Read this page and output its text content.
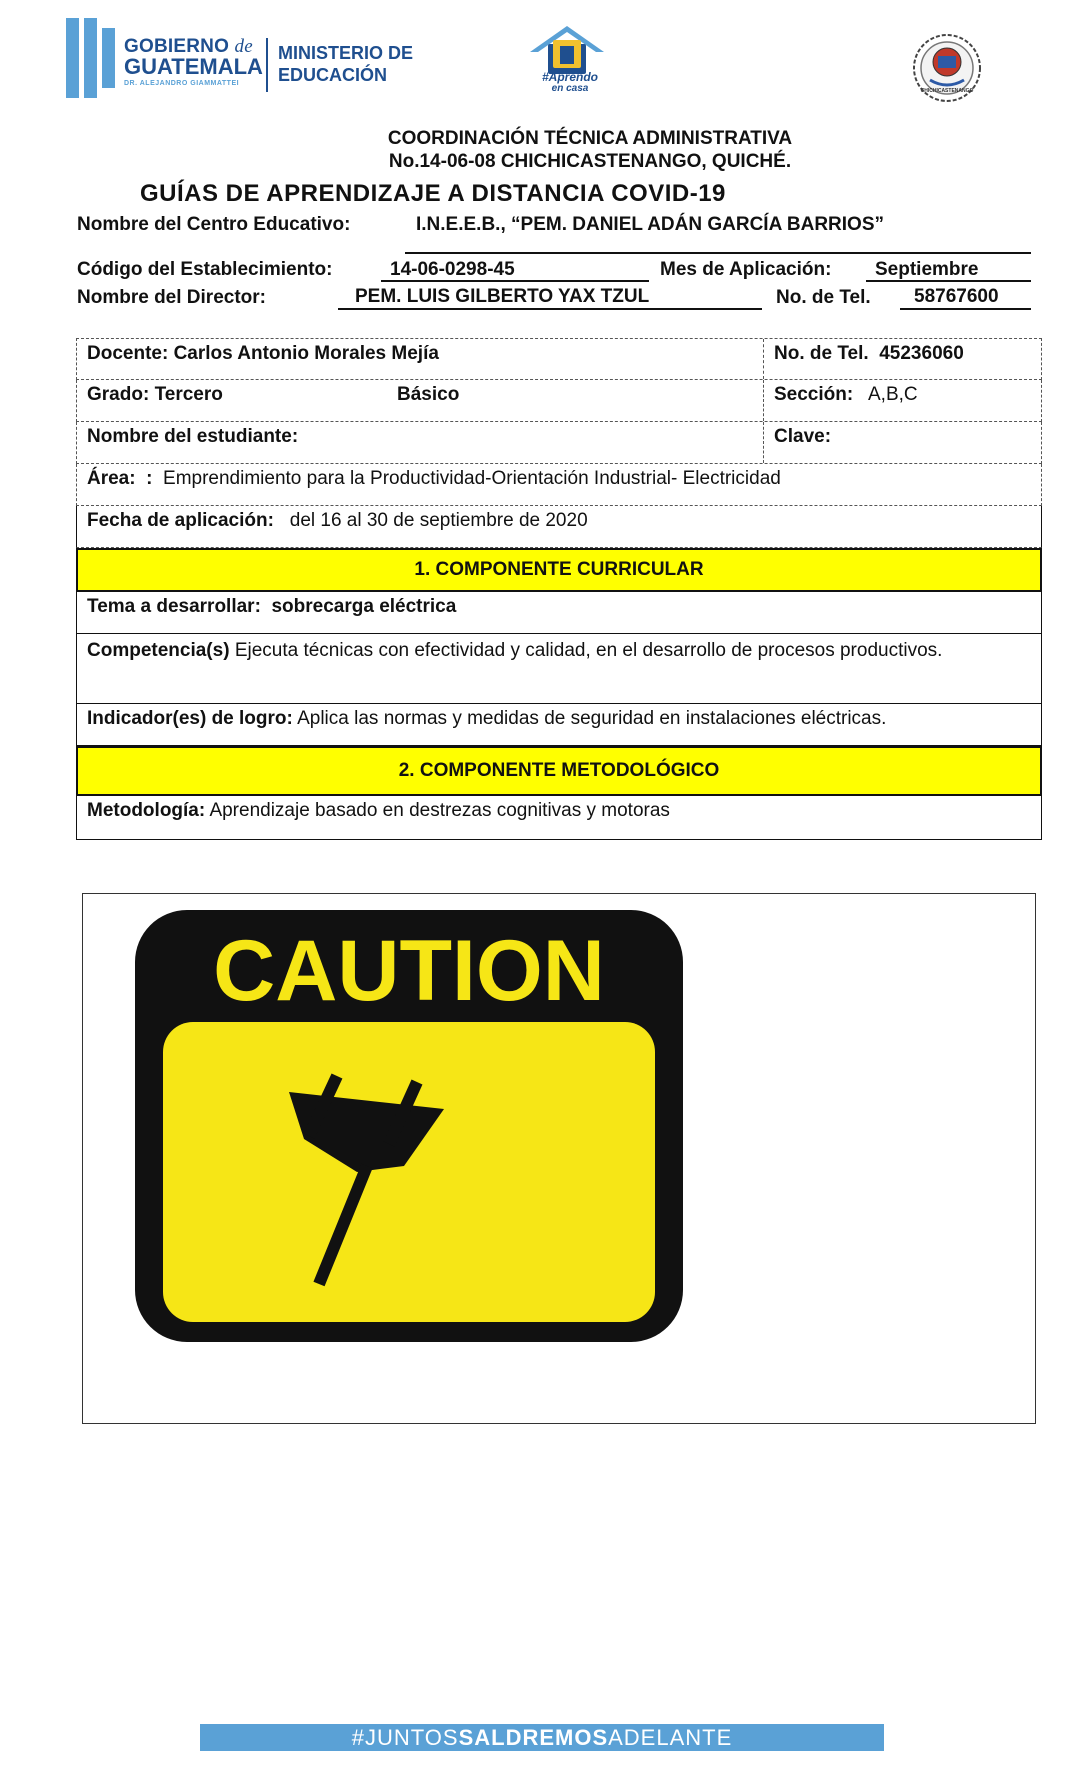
GOBIERNO de
GUATEMALA
DR. ALEJANDRO GIAMMATTEI
MINISTERIO DE
EDUCACIÓN	#Aprendo
en casa	CHICHICASTENANGO
COORDINACIÓN TÉCNICA ADMINISTRATIVA
No.14-06-08 CHICHICASTENANGO, QUICHÉ.
GUÍAS DE APRENDIZAJE A DISTANCIA COVID-19
Nombre del Centro Educativo:	I.N.E.E.B., “PEM. DANIEL ADÁN GARCÍA BARRIOS”
Código del Establecimiento:	14-06-0298-45	Mes de Aplicación: Septiembre
Nombre del Director:	PEM. LUIS GILBERTO YAX TZUL	No. de Tel. 58767600
Docente: Carlos Antonio Morales Mejía	No. de Tel. 45236060
Grado: Tercero	Básico	Sección: A,B,C
Nombre del estudiante:	Clave:
Área: : Emprendimiento para la Productividad-Orientación Industrial- Electricidad
Fecha de aplicación: del 16 al 30 de septiembre de 2020
1. COMPONENTE CURRICULAR
Tema a desarrollar: sobrecarga eléctrica
Competencia(s) Ejecuta técnicas con efectividad y calidad, en el desarrollo de procesos productivos.
Indicador(es) de logro: Aplica las normas y medidas de seguridad en instalaciones eléctricas.
2. COMPONENTE METODOLÓGICO
Metodología: Aprendizaje basado en destrezas cognitivas y motoras
CAUTION
#JUNTOSSALDREMOSADELANTE
